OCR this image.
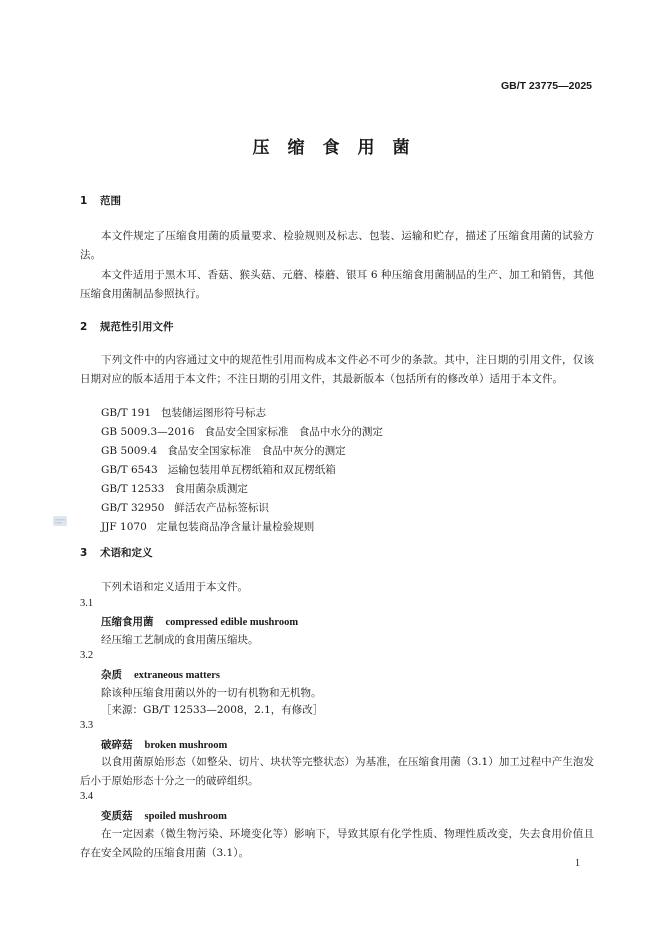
GB/T 23775—2025
压缩食用菌
1 范围
本文件规定了压缩食用菌的质量要求、检验规则及标志、包装、运输和贮存，描述了压缩食用菌的试验方法。
本文件适用于黑木耳、香菇、猴头菇、元蘑、榛蘑、银耳 6 种压缩食用菌制品的生产、加工和销售，其他压缩食用菌制品参照执行。
2 规范性引用文件
下列文件中的内容通过文中的规范性引用而构成本文件必不可少的条款。其中，注日期的引用文件，仅该日期对应的版本适用于本文件；不注日期的引用文件，其最新版本（包括所有的修改单）适用于本文件。
GB/T 191 包装储运图形符号标志
GB 5009.3—2016 食品安全国家标准　食品中水分的测定
GB 5009.4 食品安全国家标准　食品中灰分的测定
GB/T 6543 运输包装用单瓦楞纸箱和双瓦楞纸箱
GB/T 12533 食用菌杂质测定
GB/T 32950 鲜活农产品标签标识
JJF 1070 定量包装商品净含量计量检验规则
3 术语和定义
下列术语和定义适用于本文件。
3.1
压缩食用菌 compressed edible mushroom
经压缩工艺制成的食用菌压缩块。
3.2
杂质 extraneous matters
除该种压缩食用菌以外的一切有机物和无机物。
［来源：GB/T 12533—2008，2.1，有修改］
3.3
破碎菇 broken mushroom
以食用菌原始形态（如整朵、切片、块状等完整状态）为基准，在压缩食用菌（3.1）加工过程中产生泡发后小于原始形态十分之一的破碎组织。
3.4
变质菇 spoiled mushroom
在一定因素（微生物污染、环境变化等）影响下，导致其原有化学性质、物理性质改变，失去食用价值且存在安全风险的压缩食用菌（3.1）。
1
